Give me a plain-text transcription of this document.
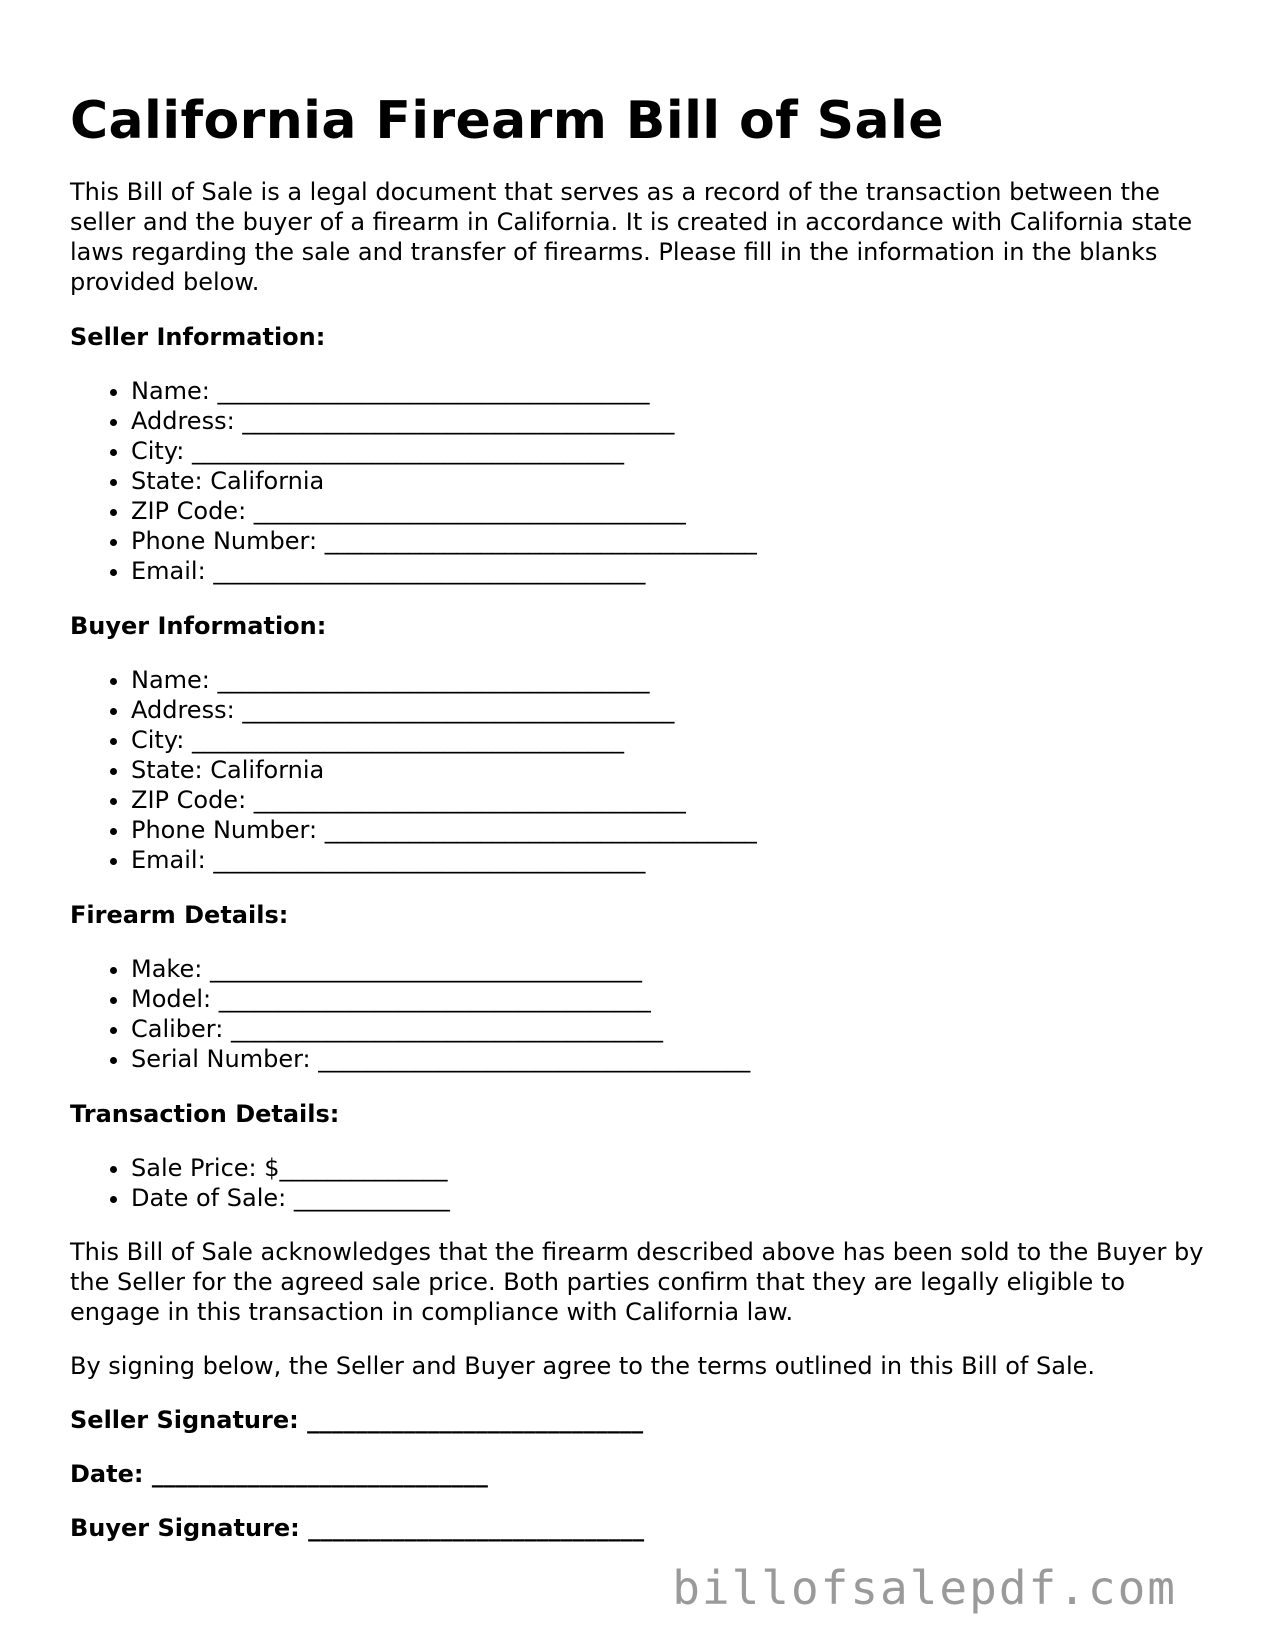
California Firearm Bill of Sale

This Bill of Sale is a legal document that serves as a record of the transaction between the seller and the buyer of a firearm in California. It is created in accordance with California state laws regarding the sale and transfer of firearms. Please fill in the information in the blanks provided below.

Seller Information:
• Name: ____________________________________
• Address: ____________________________________
• City: ____________________________________
• State: California
• ZIP Code: ____________________________________
• Phone Number: ____________________________________
• Email: ____________________________________
Buyer Information:
• Name: ____________________________________
• Address: ____________________________________
• City: ____________________________________
• State: California
• ZIP Code: ____________________________________
• Phone Number: ____________________________________
• Email: ____________________________________
Firearm Details:
• Make: ____________________________________
• Model: ____________________________________
• Caliber: ____________________________________
• Serial Number: ____________________________________
Transaction Details:
• Sale Price: $______________
• Date of Sale: _____________

This Bill of Sale acknowledges that the firearm described above has been sold to the Buyer by the Seller for the agreed sale price. Both parties confirm that they are legally eligible to engage in this transaction in compliance with California law.

By signing below, the Seller and Buyer agree to the terms outlined in this Bill of Sale.

Seller Signature: ____________________________
Date: ____________________________
Buyer Signature: ____________________________
billofsalepdf.com
